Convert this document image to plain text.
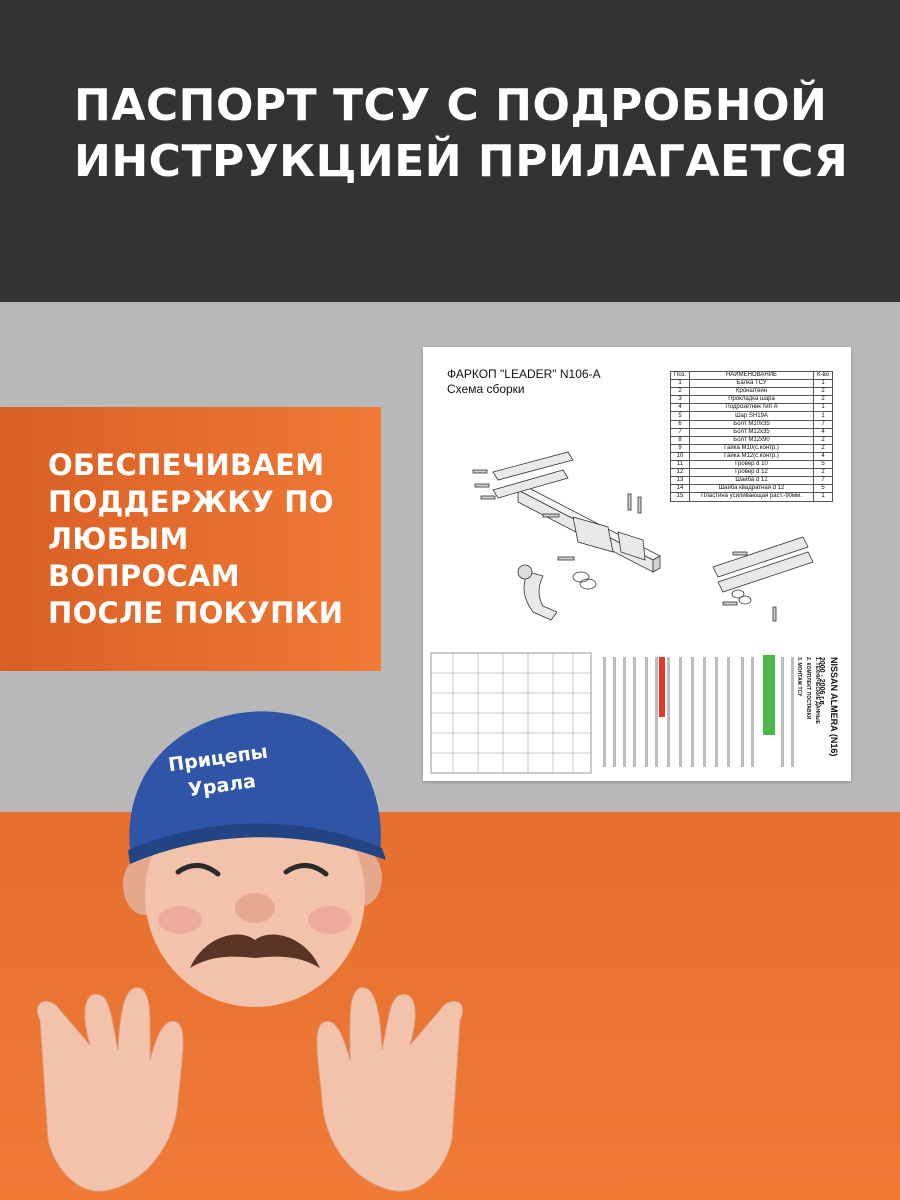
ПАСПОРТ ТСУ С ПОДРОБНОЙ
ИНСТРУКЦИЕЙ ПРИЛАГАЕТСЯ

ОБЕСПЕЧИВАЕМ
ПОДДЕРЖКУ ПО
ЛЮБЫМ
ВОПРОСАМ
ПОСЛЕ ПОКУПКИ

ФАРКОП "LEADER" N106-A

Схема сборки

Поз.	НАИМЕНОВАНИЕ	К-во
1	Балка ТСУ	1
2	Кронштейн	2
3	Прокладка шара	2
4	Подрозетник тип А	1
5	Шар SH19A	1
6	Болт М10х35	7
7	Болт М12х35	4
8	Болт М12х90	2
9	Гайка М10(с.контр.)	2
10	Гайка М12(с.контр.)	4
11	Гровер d 10	5
12	Гровер d 12	2
13	Шайба d 12	7
14	Шайба квадратная d 12	5
15	Пластина усиливающая раст.-90мм.	1
NISSAN ALMERA (N16)
2000 - 2006 г.в.
1. ТЕХНИЧЕСКИЕ ДАННЫЕ
2. КОМПЛЕКТ ПОСТАВКИ
3. МОНТАЖ ТСУ
Прицепы
Урала
